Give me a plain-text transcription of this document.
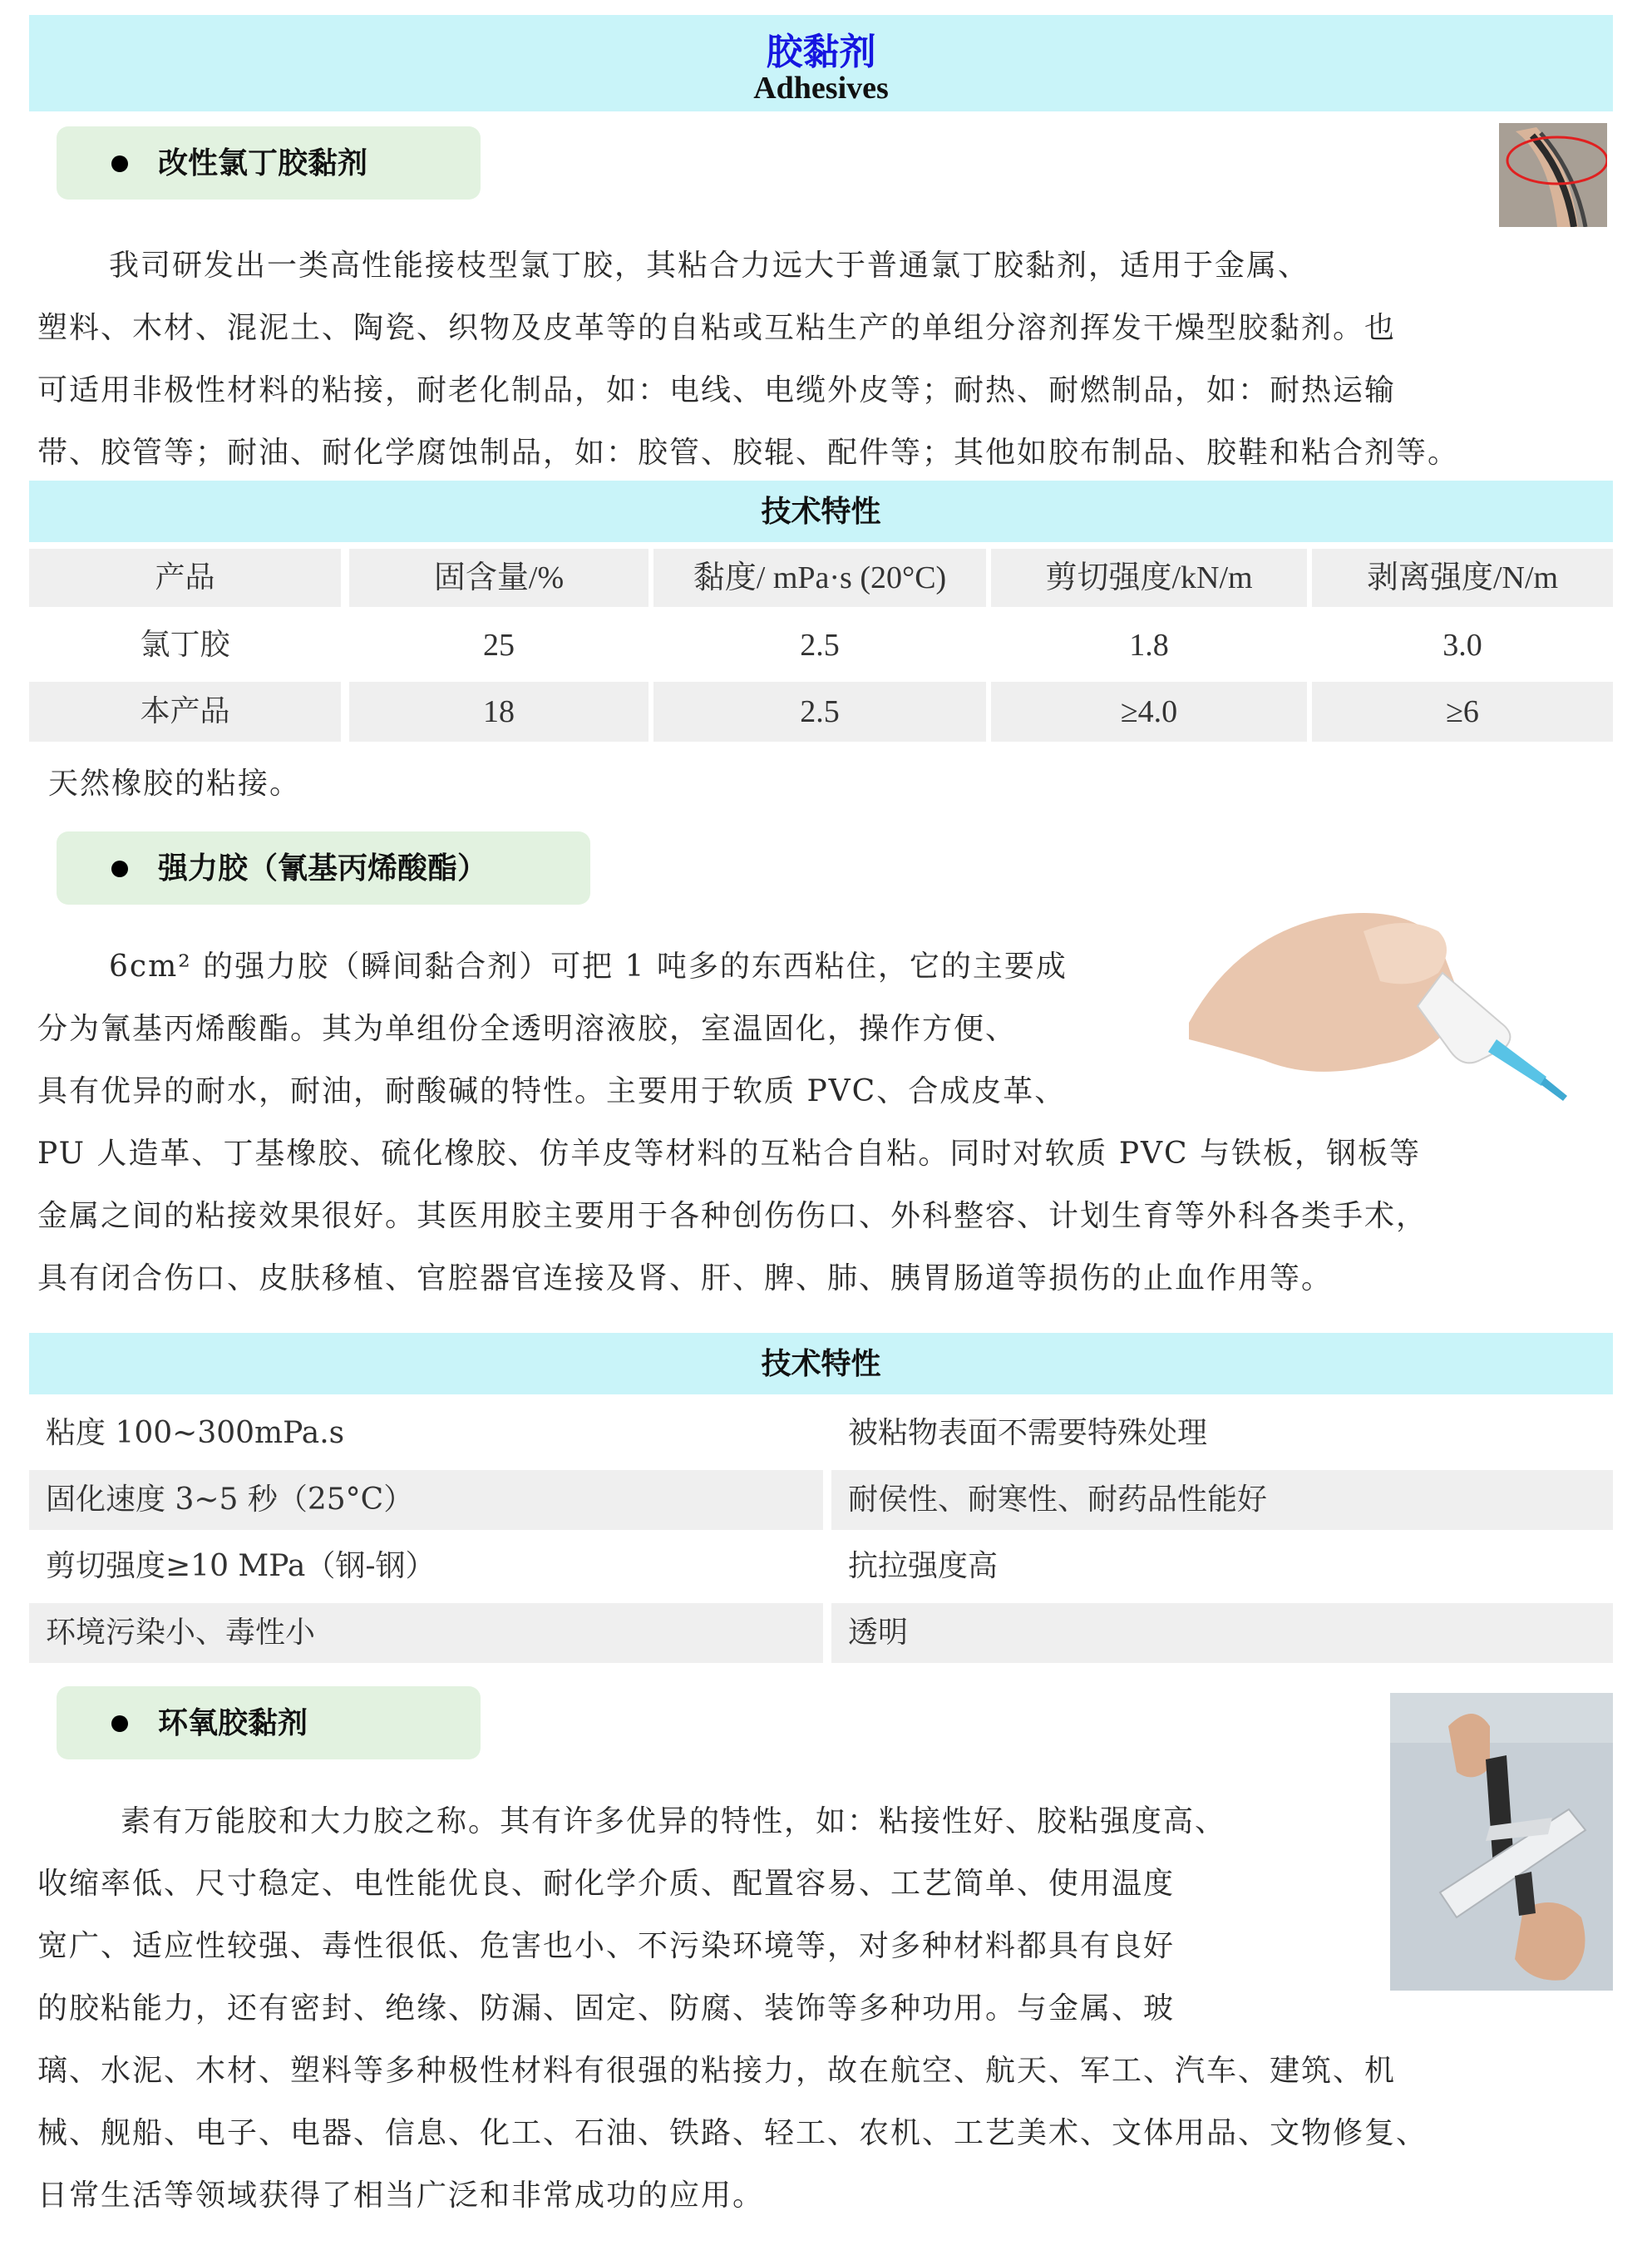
胶黏剂
Adhesives
改性氯丁胶黏剂
我司研发出一类高性能接枝型氯丁胶，其粘合力远大于普通氯丁胶黏剂，适用于金属、
塑料、木材、混泥土、陶瓷、织物及皮革等的自粘或互粘生产的单组分溶剂挥发干燥型胶黏剂。也
可适用非极性材料的粘接，耐老化制品，如：电线、电缆外皮等；耐热、耐燃制品，如：耐热运输
带、胶管等；耐油、耐化学腐蚀制品，如：胶管、胶辊、配件等；其他如胶布制品、胶鞋和粘合剂等。
技术特性
产品	固含量/%	黏度/ mPa·s (20°C)	剪切强度/kN/m	剥离强度/N/m
氯丁胶	25	2.5	1.8	3.0
本产品	18	2.5	≥4.0	≥6
天然橡胶的粘接。
强力胶（氰基丙烯酸酯）
6cm² 的强力胶（瞬间黏合剂）可把 1 吨多的东西粘住，它的主要成
分为氰基丙烯酸酯。其为单组份全透明溶液胶，室温固化，操作方便、
具有优异的耐水，耐油，耐酸碱的特性。主要用于软质 PVC、合成皮革、
PU 人造革、丁基橡胶、硫化橡胶、仿羊皮等材料的互粘合自粘。同时对软质 PVC 与铁板，钢板等
金属之间的粘接效果很好。其医用胶主要用于各种创伤伤口、外科整容、计划生育等外科各类手术，
具有闭合伤口、皮肤移植、官腔器官连接及肾、肝、脾、肺、胰胃肠道等损伤的止血作用等。
技术特性
粘度 100~300mPa.s	被粘物表面不需要特殊处理
固化速度 3~5 秒（25°C）	耐侯性、耐寒性、耐药品性能好
剪切强度≥10 MPa（钢-钢）	抗拉强度高
环境污染小、毒性小	透明
环氧胶黏剂
素有万能胶和大力胶之称。其有许多优异的特性，如：粘接性好、胶粘强度高、
收缩率低、尺寸稳定、电性能优良、耐化学介质、配置容易、工艺简单、使用温度
宽广、适应性较强、毒性很低、危害也小、不污染环境等，对多种材料都具有良好
的胶粘能力，还有密封、绝缘、防漏、固定、防腐、装饰等多种功用。与金属、玻
璃、水泥、木材、塑料等多种极性材料有很强的粘接力，故在航空、航天、军工、汽车、建筑、机
械、舰船、电子、电器、信息、化工、石油、铁路、轻工、农机、工艺美术、文体用品、文物修复、
日常生活等领域获得了相当广泛和非常成功的应用。
